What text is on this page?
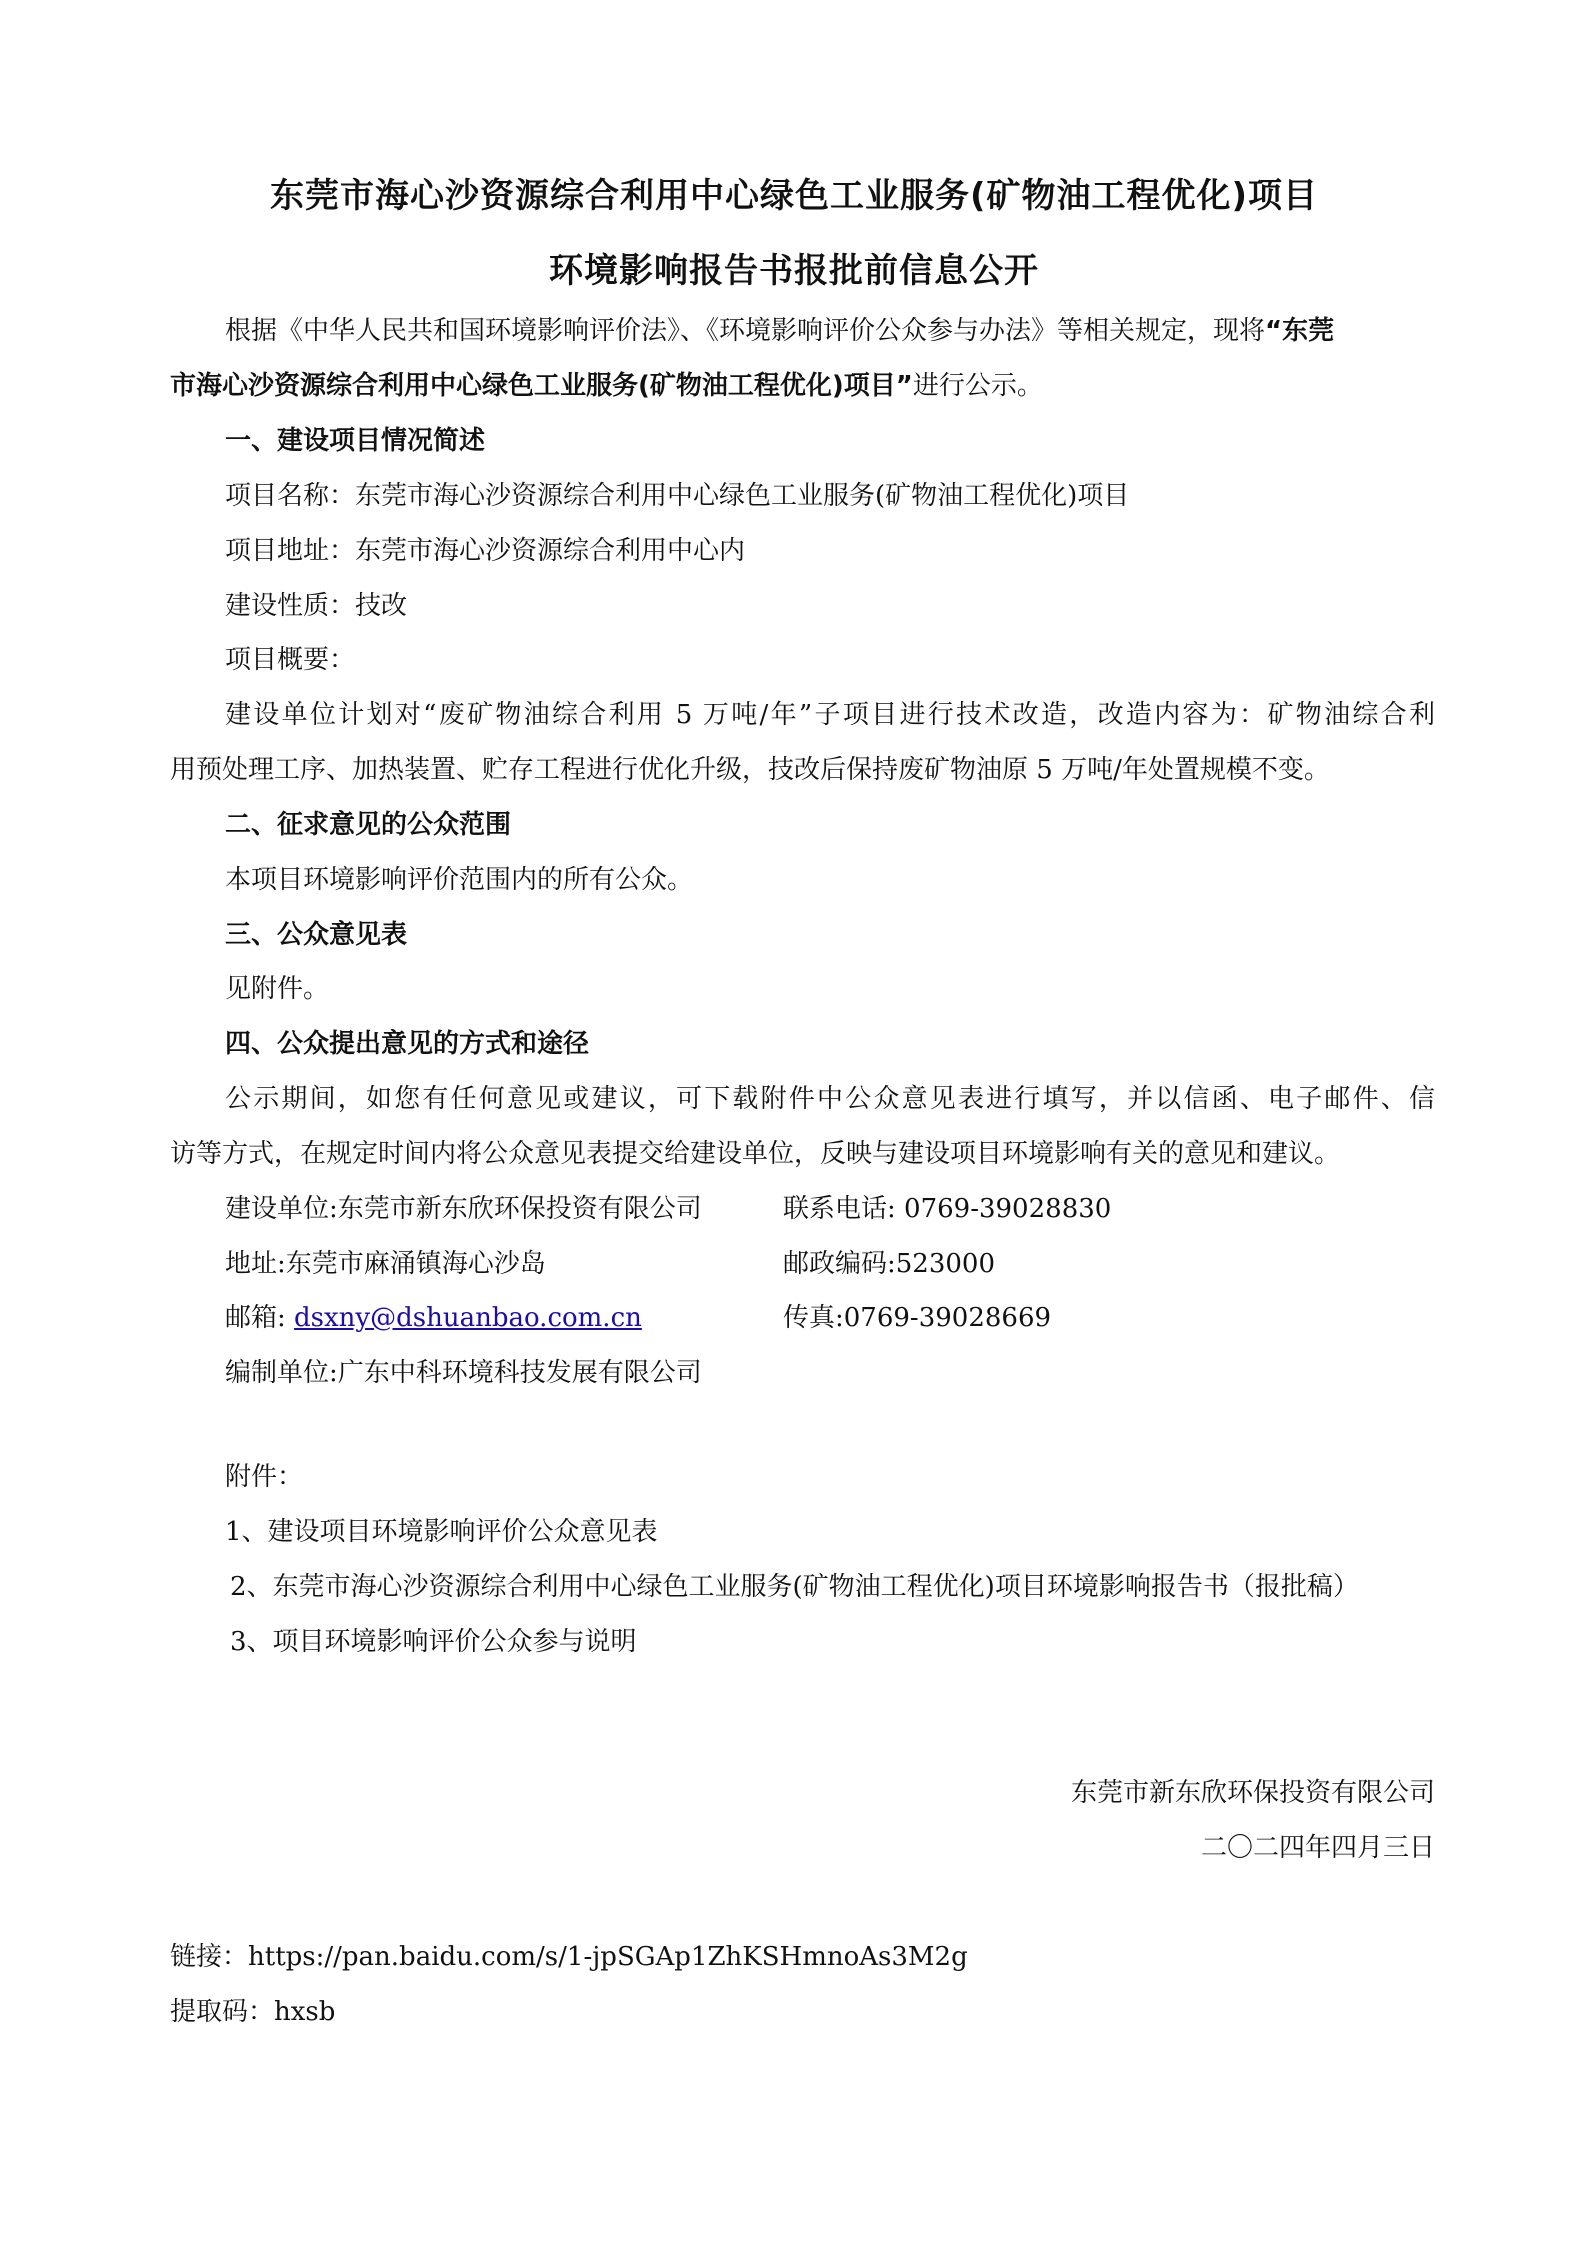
东莞市海心沙资源综合利用中心绿色工业服务(矿物油工程优化)项目
环境影响报告书报批前信息公开
根据《中华人民共和国环境影响评价法》、《环境影响评价公众参与办法》等相关规定，现将“东莞
市海心沙资源综合利用中心绿色工业服务(矿物油工程优化)项目”进行公示。
一、建设项目情况简述
项目名称：东莞市海心沙资源综合利用中心绿色工业服务(矿物油工程优化)项目
项目地址：东莞市海心沙资源综合利用中心内
建设性质：技改
项目概要：
建设单位计划对“废矿物油综合利用 5 万吨/年”子项目进行技术改造，改造内容为：矿物油综合利
用预处理工序、加热装置、贮存工程进行优化升级，技改后保持废矿物油原 5 万吨/年处置规模不变。
二、征求意见的公众范围
本项目环境影响评价范围内的所有公众。
三、公众意见表
见附件。
四、公众提出意见的方式和途径
公示期间，如您有任何意见或建议，可下载附件中公众意见表进行填写，并以信函、电子邮件、信
访等方式，在规定时间内将公众意见表提交给建设单位，反映与建设项目环境影响有关的意见和建议。
建设单位:东莞市新东欣环保投资有限公司	联系电话: 0769-39028830
地址:东莞市麻涌镇海心沙岛	邮政编码:523000
邮箱: dsxny@dshuanbao.com.cn	传真:0769-39028669
编制单位:广东中科环境科技发展有限公司
附件：
1、建设项目环境影响评价公众意见表
2、东莞市海心沙资源综合利用中心绿色工业服务(矿物油工程优化)项目环境影响报告书（报批稿）
3、项目环境影响评价公众参与说明
东莞市新东欣环保投资有限公司
二〇二四年四月三日
链接：https://pan.baidu.com/s/1-jpSGAp1ZhKSHmnoAs3M2g
提取码：hxsb
